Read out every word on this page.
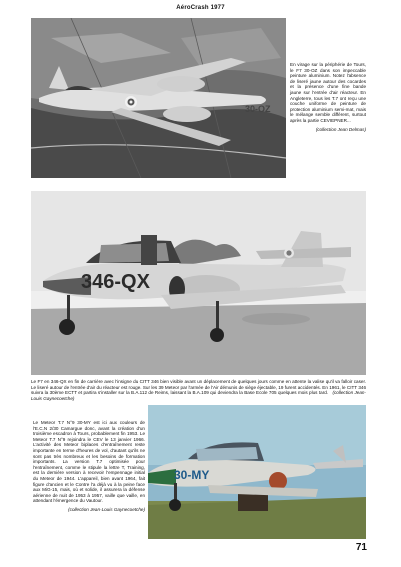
AéroCrash 1977
30-OZ
En virage sur la périphérie de Tours, le F7 30-OZ dans son impeccable peinture aluminium. Notez l'absence de liseré jaune autour des cocardes et la présence d'une fine bande jaune sur l'entrée d'air réacteur. En Angleterre, tous les T.7 ont reçu une couche uniforme de peinture de protection aluminium semi-mat, mais le mélange semble différent, surtout après la partie CEVIEPNER...
(collection Jean Delmas)
346-QX
Le F7 en 346-QX en fin de carrière avec l'insigne du CITT 346 bien visible avant un déplacement de quelques jours comme en attente la valise qu'il va falloir caser. Le liseré autour de l'entrée d'air du réacteur est rouge. Sur les 39 Meteor par l'armée de l'Air démunis de siège éjectable, 19 furent accidentés. En 1961, le CITT 346 suivra la 30ème ECTT et partira s'installer sur la B.A.112 de Reims, laissant la B.A.109 qui deviendra la Base Ecole 705 quelques mois plus tard. (collection Jean-Louis Gaynecoetche)
30-MY
Le Meteor T.7 N°9 30-MY est ici aux couleurs de l'E.C.N 2/30 Camargue donc, avant la création d'un troisième escadron à Tours, probablement fin 1953. Le Meteor T.7 N°9 rejoindra le CEV le 13 janvier 1966. L'activité des Meteor biplaces d'entraînement reste importante en terme d'heures de vol, d'autant qu'ils ne sont pas très nombreux et les besoins de formation importants. La version T.7 optimisée pour l'entraînement, comme le stipule la lettre T, Training, est la dernière version à recevoir l'empennage initial du Meteor de 1944. L'appareil, bien avant 1964, fait figure d'ancien et le Contre l'a déjà vu à la peine face aux MiG-15, mais, où et solide, il assurera la défense aérienne de nuit de 1953 à 1957, vaille que vaille, en attendant l'émergence du Vautour.
(collection Jean-Louis Gaynecoetche)
71
